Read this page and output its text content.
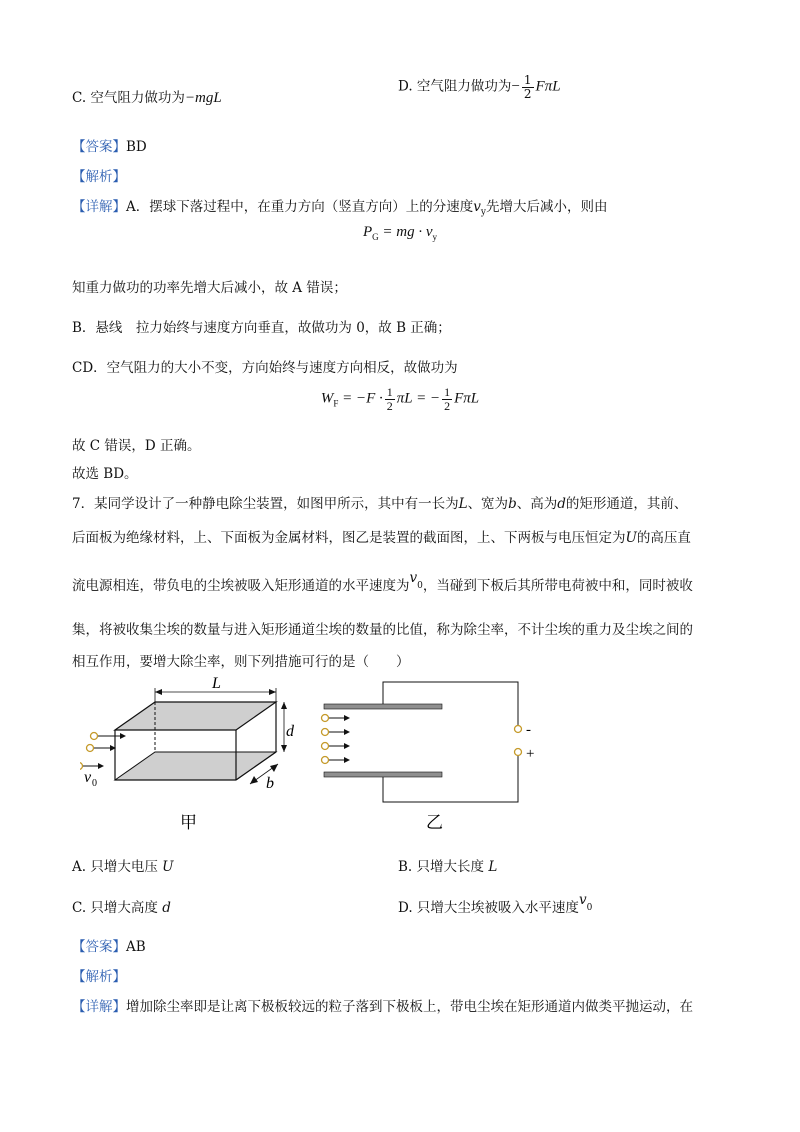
C. 空气阻力做功为−mgL
D. 空气阻力做功为− $\frac{1}{2}$ FπL
【答案】BD
【解析】
【详解】A．摆球下落过程中，在重力方向（竖直方向）上的分速度$v_y$先增大后减小，则由
$P_G$ = mg · $v_y$
知重力做功的功率先增大后减小，故 A 错误；
B．悬线　拉力始终与速度方向垂直，故做功为 0，故 B 正确；
CD．空气阻力的大小不变，方向始终与速度方向相反，故做功为
$W_F = -F \cdot \frac{1}{2}$ πL = − $\frac{1}{2}$ FπL
故 C 错误，D 正确。
故选 BD。
7．某同学设计了一种静电除尘装置，如图甲所示，其中有一长为L、宽为b、高为d的矩形通道，其前、
后面板为绝缘材料，上、下面板为金属材料，图乙是装置的截面图，上、下两板与电压恒定为U的高压直
流电源相连，带负电的尘埃被吸入矩形通道的水平速度为$v_0$，当碰到下板后其所带电荷被中和，同时被收
集，将被收集尘埃的数量与进入矩形通道尘埃的数量的比值，称为除尘率，不计尘埃的重力及尘埃之间的
相互作用，要增大除尘率，则下列措施可行的是（　　）
L
d
b
v 0
甲
-
+
乙
A. 只增大电压 U	B. 只增大长度 L
C. 只增大高度 d	D. 只增大尘埃被吸入水平速度$v_0$
【答案】AB
【解析】
【详解】增加除尘率即是让离下极板较远的粒子落到下极板上，带电尘埃在矩形通道内做类平抛运动，在
